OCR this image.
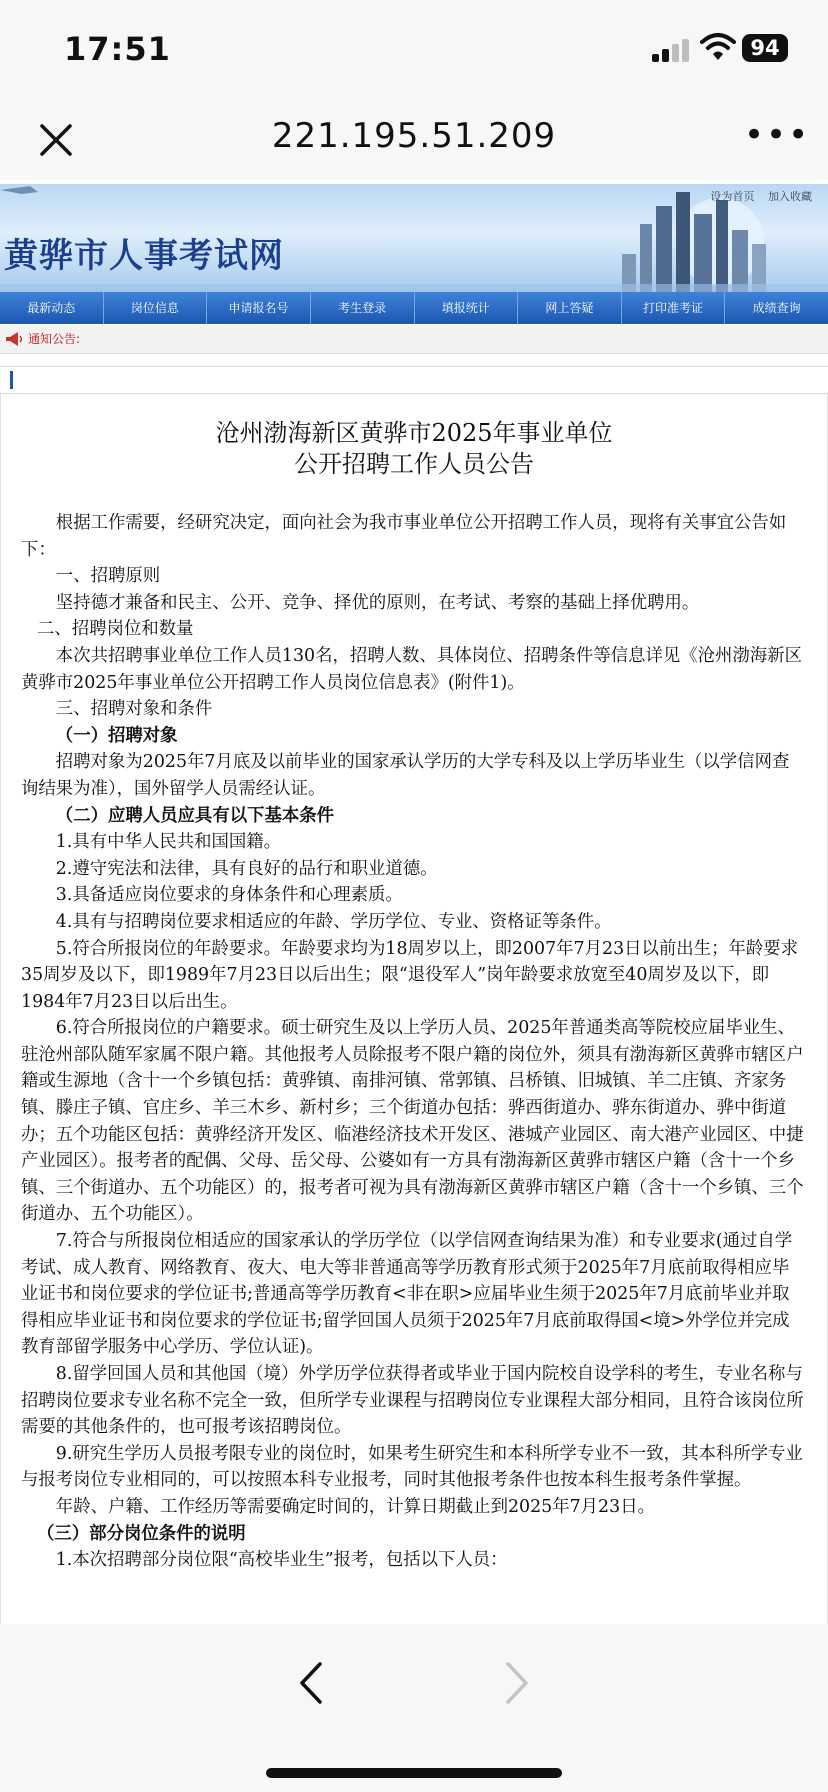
17:51	94
221.195.51.209	•••
设为首页 加入收藏
黄骅市人事考试网
最新动态	岗位信息	申请报名号	考生登录	填报统计	网上答疑	打印准考证	成绩查询
通知公告:
沧州渤海新区黄骅市2025年事业单位
公开招聘工作人员公告

根据工作需要，经研究决定，面向社会为我市事业单位公开招聘工作人员，现将有关事宜公告如下：

一、招聘原则

坚持德才兼备和民主、公开、竞争、择优的原则，在考试、考察的基础上择优聘用。

二、招聘岗位和数量

本次共招聘事业单位工作人员130名，招聘人数、具体岗位、招聘条件等信息详见《沧州渤海新区黄骅市2025年事业单位公开招聘工作人员岗位信息表》(附件1)。

三、招聘对象和条件

（一）招聘对象

招聘对象为2025年7月底及以前毕业的国家承认学历的大学专科及以上学历毕业生（以学信网查询结果为准），国外留学人员需经认证。

（二）应聘人员应具有以下基本条件

1.具有中华人民共和国国籍。

2.遵守宪法和法律，具有良好的品行和职业道德。

3.具备适应岗位要求的身体条件和心理素质。

4.具有与招聘岗位要求相适应的年龄、学历学位、专业、资格证等条件。

5.符合所报岗位的年龄要求。年龄要求均为18周岁以上，即2007年7月23日以前出生；年龄要求35周岁及以下，即1989年7月23日以后出生；限“退役军人”岗年龄要求放宽至40周岁及以下，即1984年7月23日以后出生。

6.符合所报岗位的户籍要求。硕士研究生及以上学历人员、2025年普通类高等院校应届毕业生、驻沧州部队随军家属不限户籍。其他报考人员除报考不限户籍的岗位外，须具有渤海新区黄骅市辖区户籍或生源地（含十一个乡镇包括：黄骅镇、南排河镇、常郭镇、吕桥镇、旧城镇、羊二庄镇、齐家务镇、滕庄子镇、官庄乡、羊三木乡、新村乡；三个街道办包括：骅西街道办、骅东街道办、骅中街道办；五个功能区包括：黄骅经济开发区、临港经济技术开发区、港城产业园区、南大港产业园区、中捷产业园区）。报考者的配偶、父母、岳父母、公婆如有一方具有渤海新区黄骅市辖区户籍（含十一个乡镇、三个街道办、五个功能区）的，报考者可视为具有渤海新区黄骅市辖区户籍（含十一个乡镇、三个街道办、五个功能区）。

7.符合与所报岗位相适应的国家承认的学历学位（以学信网查询结果为准）和专业要求(通过自学考试、成人教育、网络教育、夜大、电大等非普通高等学历教育形式须于2025年7月底前取得相应毕业证书和岗位要求的学位证书;普通高等学历教育<非在职>应届毕业生须于2025年7月底前毕业并取得相应毕业证书和岗位要求的学位证书;留学回国人员须于2025年7月底前取得国<境>外学位并完成教育部留学服务中心学历、学位认证)。

8.留学回国人员和其他国（境）外学历学位获得者或毕业于国内院校自设学科的考生，专业名称与招聘岗位要求专业名称不完全一致，但所学专业课程与招聘岗位专业课程大部分相同，且符合该岗位所需要的其他条件的，也可报考该招聘岗位。

9.研究生学历人员报考限专业的岗位时，如果考生研究生和本科所学专业不一致，其本科所学专业与报考岗位专业相同的，可以按照本科专业报考，同时其他报考条件也按本科生报考条件掌握。

年龄、户籍、工作经历等需要确定时间的，计算日期截止到2025年7月23日。

（三）部分岗位条件的说明

1.本次招聘部分岗位限“高校毕业生”报考，包括以下人员：
